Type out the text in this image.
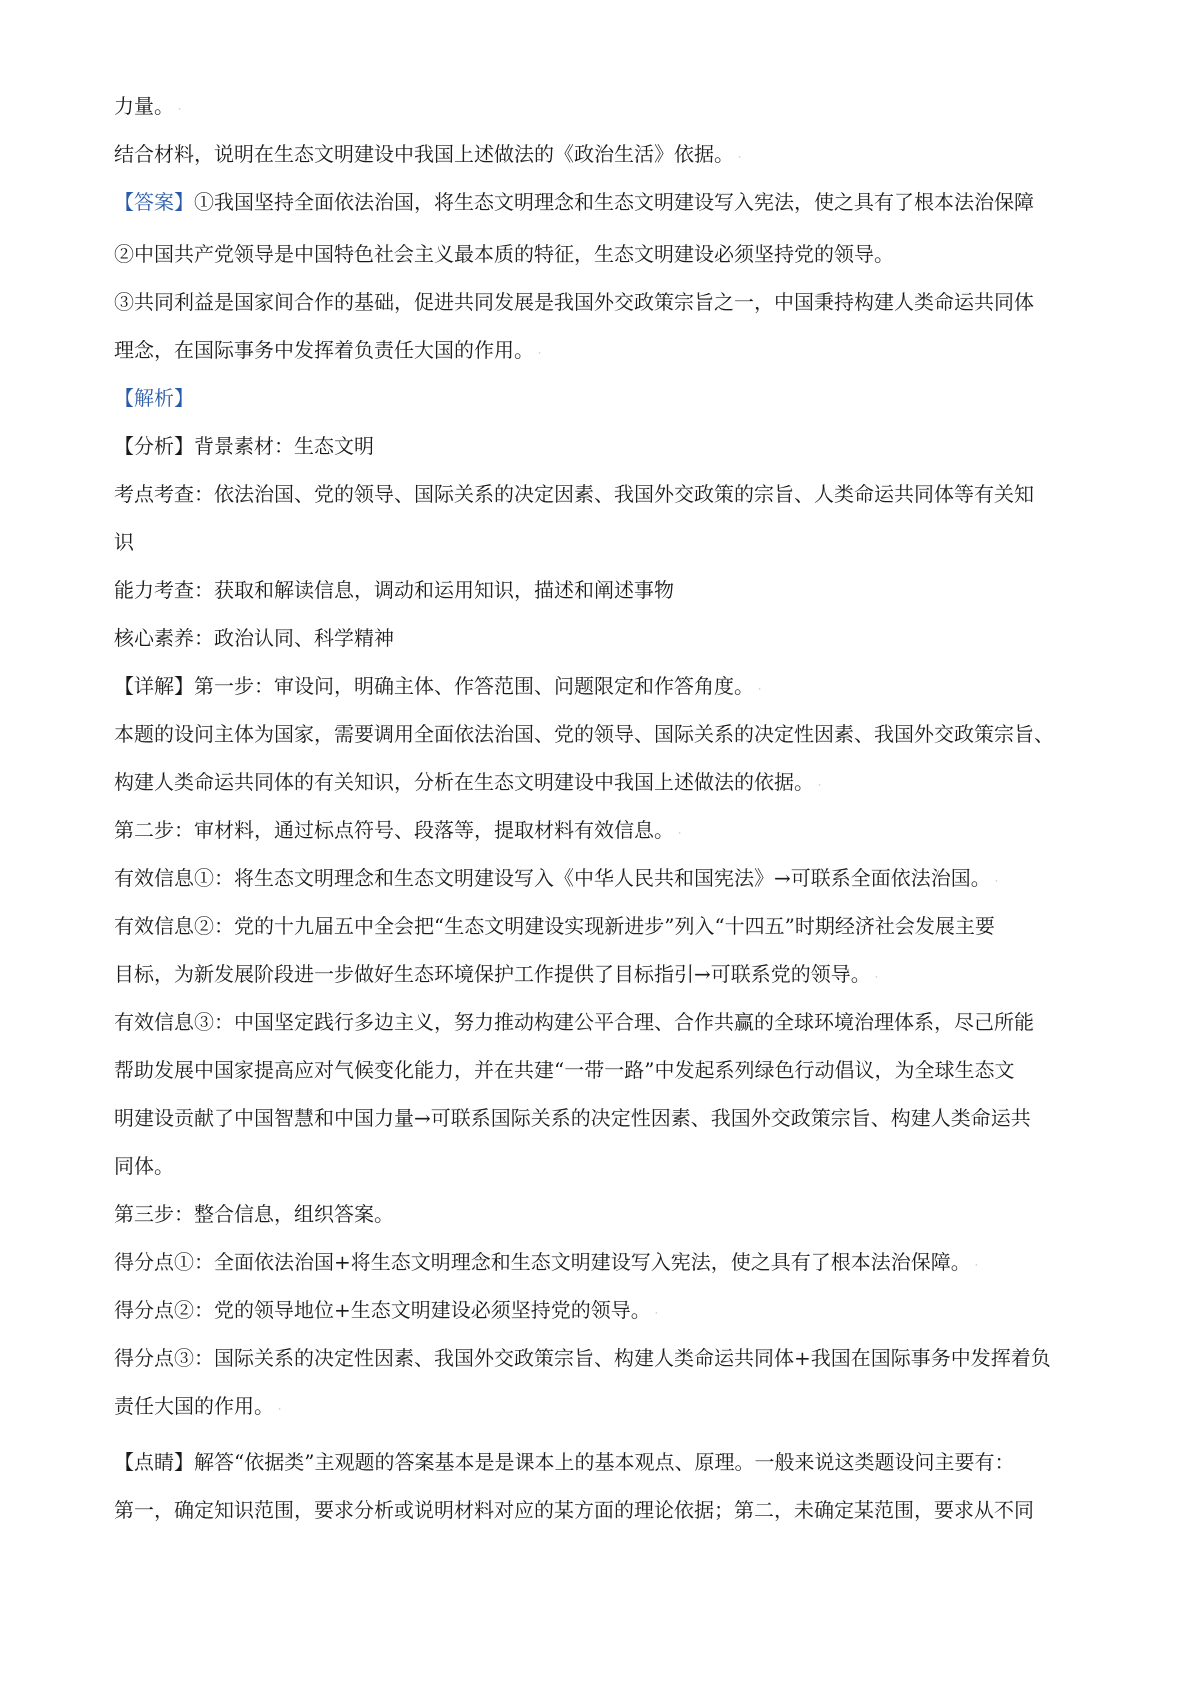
力量。 ⸱

结合材料，说明在生态文明建设中我国上述做法的《政治生活》依据。 ⸱

【答案】①我国坚持全面依法治国，将生态文明理念和生态文明建设写入宪法，使之具有了根本法治保障

②中国共产党领导是中国特色社会主义最本质的特征，生态文明建设必须坚持党的领导。

③共同利益是国家间合作的基础，促进共同发展是我国外交政策宗旨之一，中国秉持构建人类命运共同体

理念，在国际事务中发挥着负责任大国的作用。 ⸱

【解析】

【分析】背景素材：生态文明

考点考查：依法治国、党的领导、国际关系的决定因素、我国外交政策的宗旨、人类命运共同体等有关知

识

能力考查：获取和解读信息，调动和运用知识，描述和阐述事物

核心素养：政治认同、科学精神

【详解】第一步：审设问，明确主体、作答范围、问题限定和作答角度。 ⸱

本题的设问主体为国家，需要调用全面依法治国、党的领导、国际关系的决定性因素、我国外交政策宗旨、

构建人类命运共同体的有关知识，分析在生态文明建设中我国上述做法的依据。 ⸱

第二步：审材料，通过标点符号、段落等，提取材料有效信息。 ⸱

有效信息①：将生态文明理念和生态文明建设写入《中华人民共和国宪法》→可联系全面依法治国。 ⸱

有效信息②：党的十九届五中全会把“生态文明建设实现新进步”列入“十四五”时期经济社会发展主要

目标，为新发展阶段进一步做好生态环境保护工作提供了目标指引→可联系党的领导。 ⸱

有效信息③：中国坚定践行多边主义，努力推动构建公平合理、合作共赢的全球环境治理体系，尽己所能

帮助发展中国家提高应对气候变化能力，并在共建“一带一路”中发起系列绿色行动倡议，为全球生态文

明建设贡献了中国智慧和中国力量→可联系国际关系的决定性因素、我国外交政策宗旨、构建人类命运共

同体。

第三步：整合信息，组织答案。

得分点①：全面依法治国+将生态文明理念和生态文明建设写入宪法，使之具有了根本法治保障。 ⸱

得分点②：党的领导地位+生态文明建设必须坚持党的领导。 ⸱

得分点③：国际关系的决定性因素、我国外交政策宗旨、构建人类命运共同体+我国在国际事务中发挥着负

责任大国的作用。 ⸱

【点睛】解答“依据类”主观题的答案基本是是课本上的基本观点、原理。一般来说这类题设问主要有：

第一，确定知识范围，要求分析或说明材料对应的某方面的理论依据；第二，未确定某范围，要求从不同
